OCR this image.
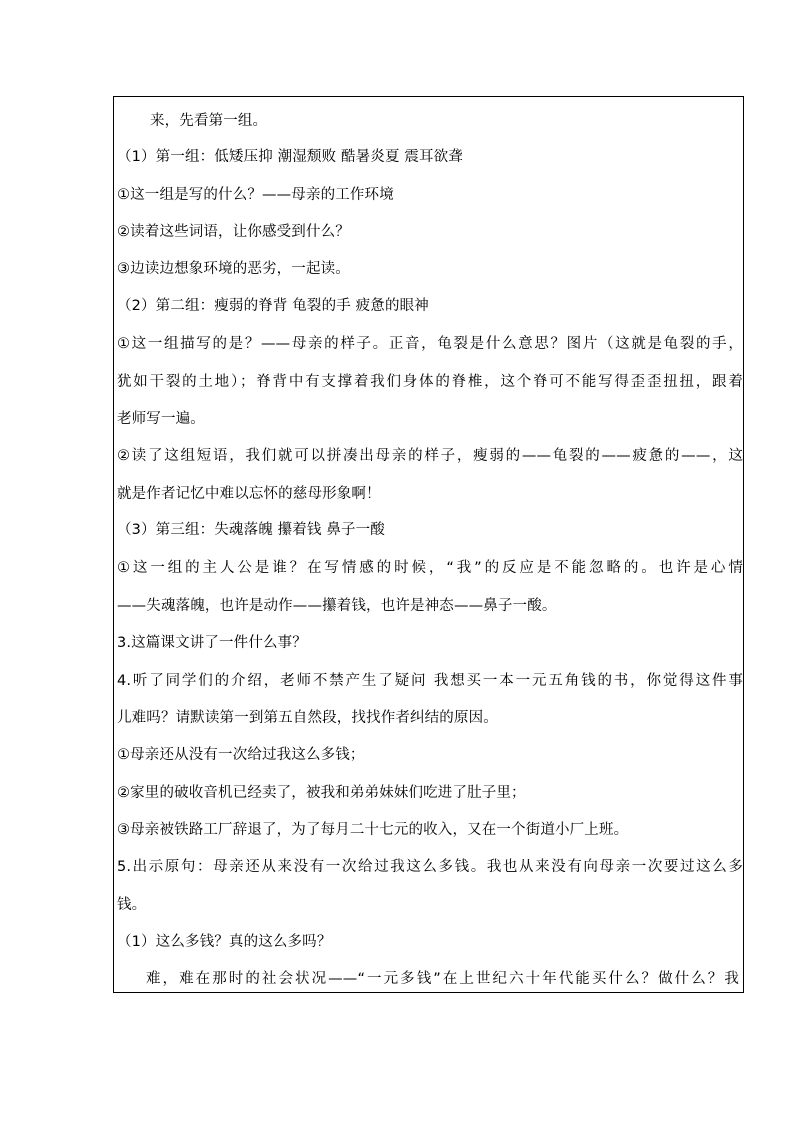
来，先看第一组。
（1）第一组：低矮压抑 潮湿颓败 酷暑炎夏 震耳欲聋
①这一组是写的什么？——母亲的工作环境
②读着这些词语，让你感受到什么？
③边读边想象环境的恶劣，一起读。
（2）第二组：瘦弱的脊背 龟裂的手 疲惫的眼神
①这一组描写的是？——母亲的样子。正音，龟裂是什么意思？图片（这就是龟裂的手，
犹如干裂的土地）；脊背中有支撑着我们身体的脊椎，这个脊可不能写得歪歪扭扭，跟着
老师写一遍。
②读了这组短语，我们就可以拼凑出母亲的样子，瘦弱的——龟裂的——疲惫的——，这
就是作者记忆中难以忘怀的慈母形象啊！
（3）第三组：失魂落魄 攥着钱 鼻子一酸
①这一组的主人公是谁？在写情感的时候，“我”的反应是不能忽略的。也许是心情
——失魂落魄，也许是动作——攥着钱，也许是神态——鼻子一酸。
3.这篇课文讲了一件什么事？
4.听了同学们的介绍，老师不禁产生了疑问 我想买一本一元五角钱的书，你觉得这件事
儿难吗？请默读第一到第五自然段，找找作者纠结的原因。
①母亲还从没有一次给过我这么多钱；
②家里的破收音机已经卖了，被我和弟弟妹妹们吃进了肚子里；
③母亲被铁路工厂辞退了，为了每月二十七元的收入，又在一个街道小厂上班。
5.出示原句：母亲还从来没有一次给过我这么多钱。我也从来没有向母亲一次要过这么多
钱。
（1）这么多钱？真的这么多吗？
难，难在那时的社会状况——“一元多钱”在上世纪六十年代能买什么？做什么？我
